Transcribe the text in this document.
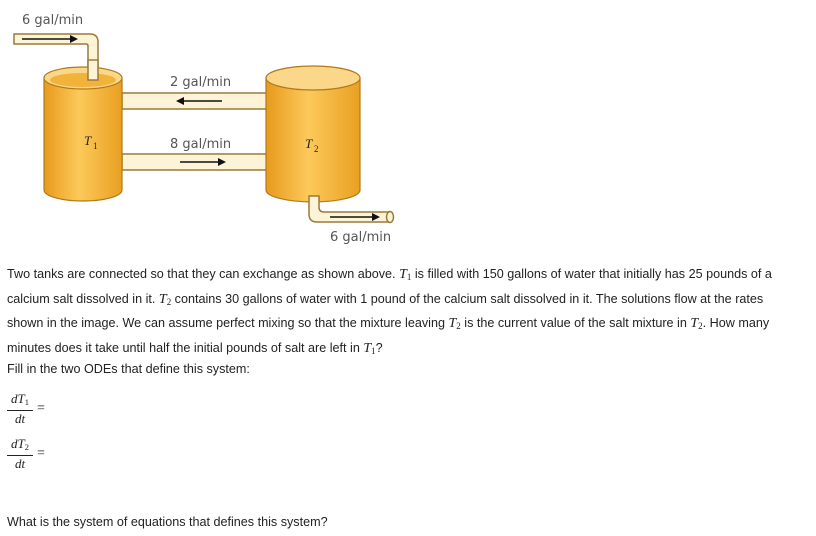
6 gal/min
T 1	T 2
2 gal/min
8 gal/min
6 gal/min
Two tanks are connected so that they can exchange as shown above. $T_1$ is filled with 150 gallons of water that initially has 25 pounds of a calcium salt dissolved in it. $T_2$ contains 30 gallons of water with 1 pound of the calcium salt dissolved in it. The solutions flow at the rates shown in the image. We can assume perfect mixing so that the mixture leaving $T_2$ is the current value of the salt mixture in $T_2$. How many minutes does it take until half the initial pounds of salt are left in $T_1$?
Fill in the two ODEs that define this system:
$\frac{dT_1}{dt}$ =
$\frac{dT_2}{dt}$ =
What is the system of equations that defines this system?
